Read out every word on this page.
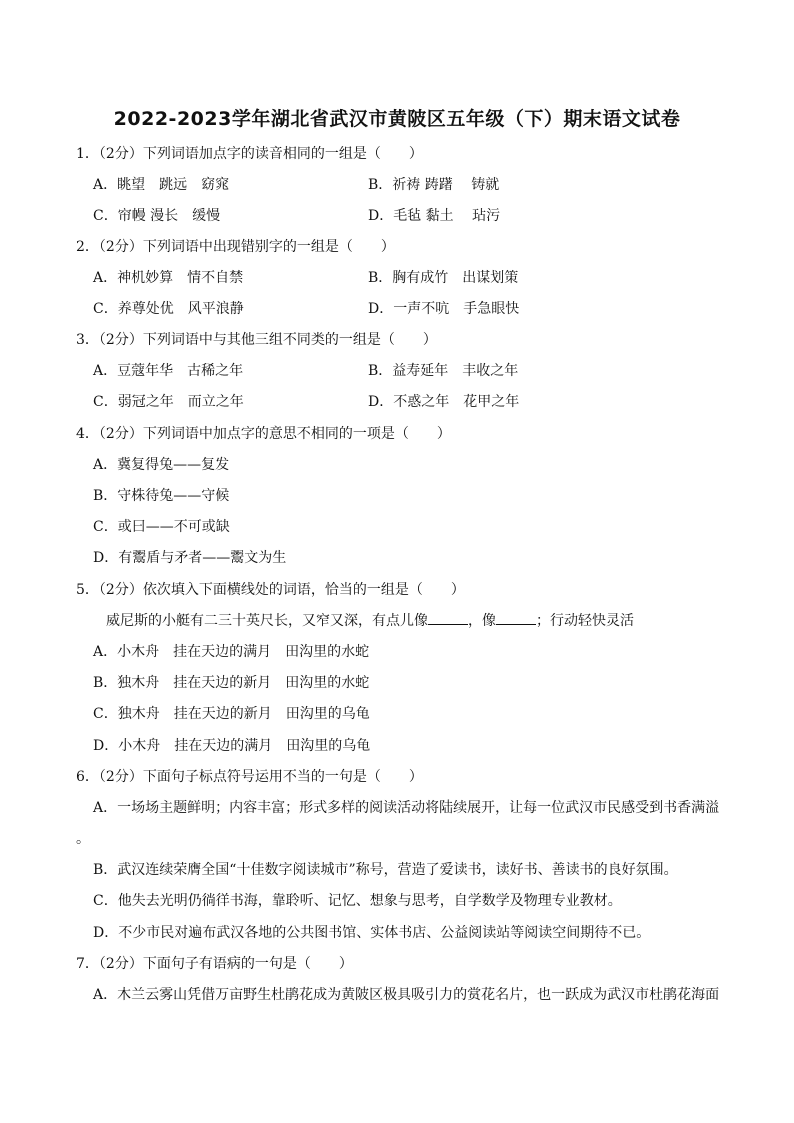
2022-2023学年湖北省武汉市黄陂区五年级（下）期末语文试卷
1．（2分）下列词语加点字的读音相同的一组是（　　）
A．眺望　跳远　窈窕	B．祈祷 踌躇　 铸就
C．帘幔 漫长　缓慢	D．毛毡 黏土　 玷污
2．（2分）下列词语中出现错别字的一组是（　　）
A．神机妙算　情不自禁	B．胸有成竹　出谋划策
C．养尊处优　风平浪静	D．一声不吭　手急眼快
3．（2分）下列词语中与其他三组不同类的一组是（　　）
A．豆蔻年华　古稀之年	B．益寿延年　丰收之年
C．弱冠之年　而立之年	D．不惑之年　花甲之年
4．（2分）下列词语中加点字的意思不相同的一项是（　　）
A．冀复得兔——复发
B．守株待兔——守候
C．或曰——不可或缺
D．有鬻盾与矛者——鬻文为生
5．（2分）依次填入下面横线处的词语，恰当的一组是（　　）
威尼斯的小艇有二三十英尺长，又窄又深，有点儿像	，像	；行动轻快灵活
A．小木舟　挂在天边的满月　田沟里的水蛇
B．独木舟　挂在天边的新月　田沟里的水蛇
C．独木舟　挂在天边的新月　田沟里的乌龟
D．小木舟　挂在天边的满月　田沟里的乌龟
6．（2分）下面句子标点符号运用不当的一句是（　　）
A．一场场主题鲜明；内容丰富；形式多样的阅读活动将陆续展开，让每一位武汉市民感受到书香满溢
。
B．武汉连续荣膺全国“十佳数字阅读城市”称号，营造了爱读书，读好书、善读书的良好氛围。
C．他失去光明仍徜徉书海，靠聆听、记忆、想象与思考，自学数学及物理专业教材。
D．不少市民对遍布武汉各地的公共图书馆、实体书店、公益阅读站等阅读空间期待不已。
7．（2分）下面句子有语病的一句是（　　）
A．木兰云雾山凭借万亩野生杜鹃花成为黄陂区极具吸引力的赏花名片，也一跃成为武汉市杜鹃花海面
